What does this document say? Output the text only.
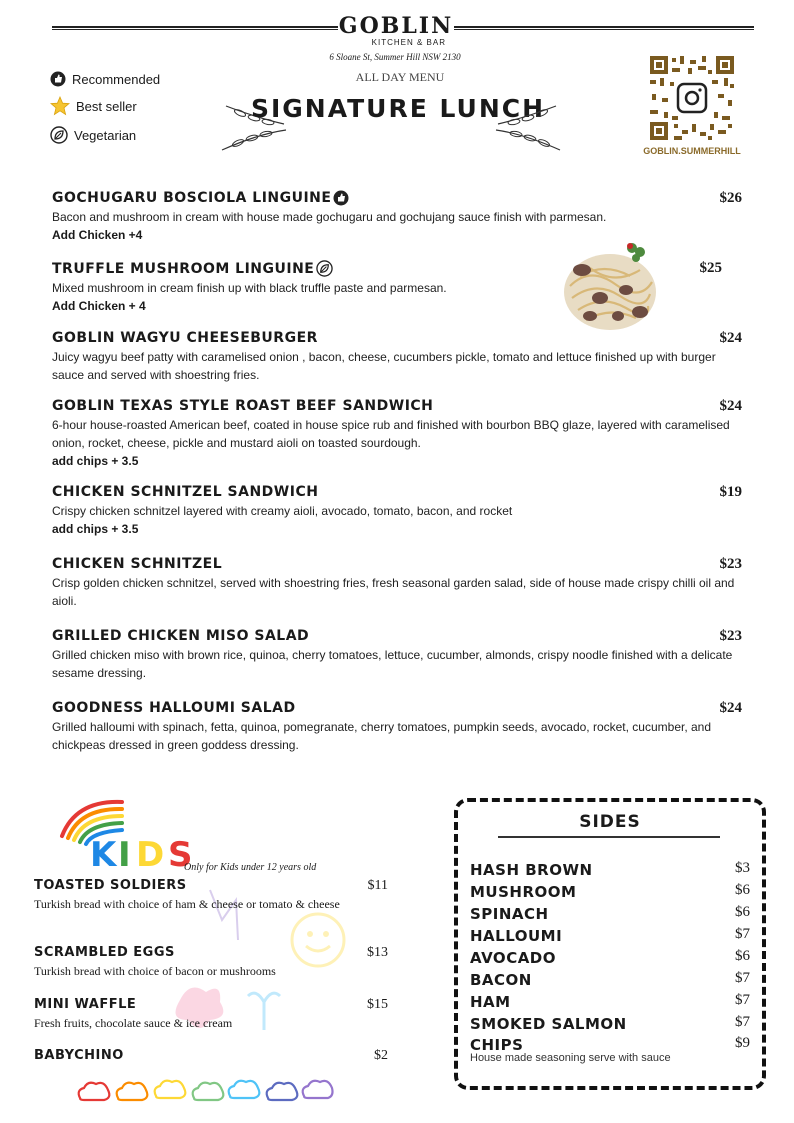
GOBLIN
KITCHEN & BAR
6 Sloane St, Summer Hill NSW 2130
ALL DAY MENU
SIGNATURE LUNCH
Recommended
Best seller
Vegetarian
GOBLIN.SUMMERHILL
GOCHUGARU BOSCIOLA LINGUINE	$26
Bacon and mushroom in cream with house made gochugaru and gochujang sauce finish with parmesan.
Add Chicken +4
TRUFFLE MUSHROOM LINGUINE	$25
Mixed mushroom in cream finish up with black truffle paste and parmesan.
Add Chicken + 4
GOBLIN WAGYU CHEESEBURGER	$24
Juicy wagyu beef patty with caramelised onion , bacon, cheese, cucumbers pickle, tomato and lettuce finished up with burger sauce and served with shoestring fries.
GOBLIN TEXAS STYLE ROAST BEEF SANDWICH	$24
6-hour house-roasted American beef, coated in house spice rub and finished with bourbon BBQ glaze, layered with caramelised onion, rocket, cheese, pickle and mustard aioli on toasted sourdough.
add chips + 3.5
CHICKEN SCHNITZEL SANDWICH	$19
Crispy chicken schnitzel layered with creamy aioli, avocado, tomato, bacon, and rocket
add chips + 3.5
CHICKEN SCHNITZEL	$23
Crisp golden chicken schnitzel, served with shoestring fries, fresh seasonal garden salad, side of house made crispy chilli oil and aioli.
GRILLED CHICKEN MISO SALAD	$23
Grilled chicken miso with brown rice, quinoa, cherry tomatoes, lettuce, cucumber, almonds, crispy noodle finished with a delicate sesame dressing.
GOODNESS HALLOUMI SALAD	$24
Grilled halloumi with spinach, fetta, quinoa, pomegranate, cherry tomatoes, pumpkin seeds, avocado, rocket, cucumber, and chickpeas dressed in green goddess dressing.
K I D S
Only for Kids under 12 years old
TOASTED SOLDIERS	$11
Turkish bread with choice of ham & cheese or tomato & cheese
SCRAMBLED EGGS	$13
Turkish bread with choice of bacon or mushrooms
MINI WAFFLE	$15
Fresh fruits, chocolate sauce & ice cream
BABYCHINO	$2
SIDES
HASH BROWN	$3
MUSHROOM	$6
SPINACH	$6
HALLOUMI	$7
AVOCADO	$6
BACON	$7
HAM	$7
SMOKED SALMON	$7
CHIPS	$9
House made seasoning serve with sauce
